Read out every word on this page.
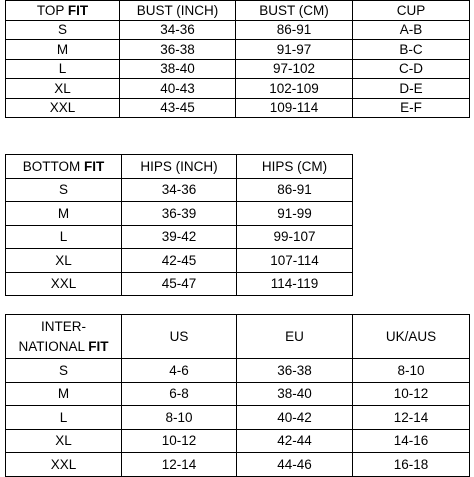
TOP FIT	BUST (INCH)	BUST (CM)	CUP
S	34-36	86-91	A-B
M	36-38	91-97	B-C
L	38-40	97-102	C-D
XL	40-43	102-109	D-E
XXL	43-45	109-114	E-F
BOTTOM FIT	HIPS (INCH)	HIPS (CM)
S	34-36	86-91
M	36-39	91-99
L	39-42	99-107
XL	42-45	107-114
XXL	45-47	114-119
INTER-
NATIONAL FIT	US	EU	UK/AUS
S	4-6	36-38	8-10
M	6-8	38-40	10-12
L	8-10	40-42	12-14
XL	10-12	42-44	14-16
XXL	12-14	44-46	16-18
